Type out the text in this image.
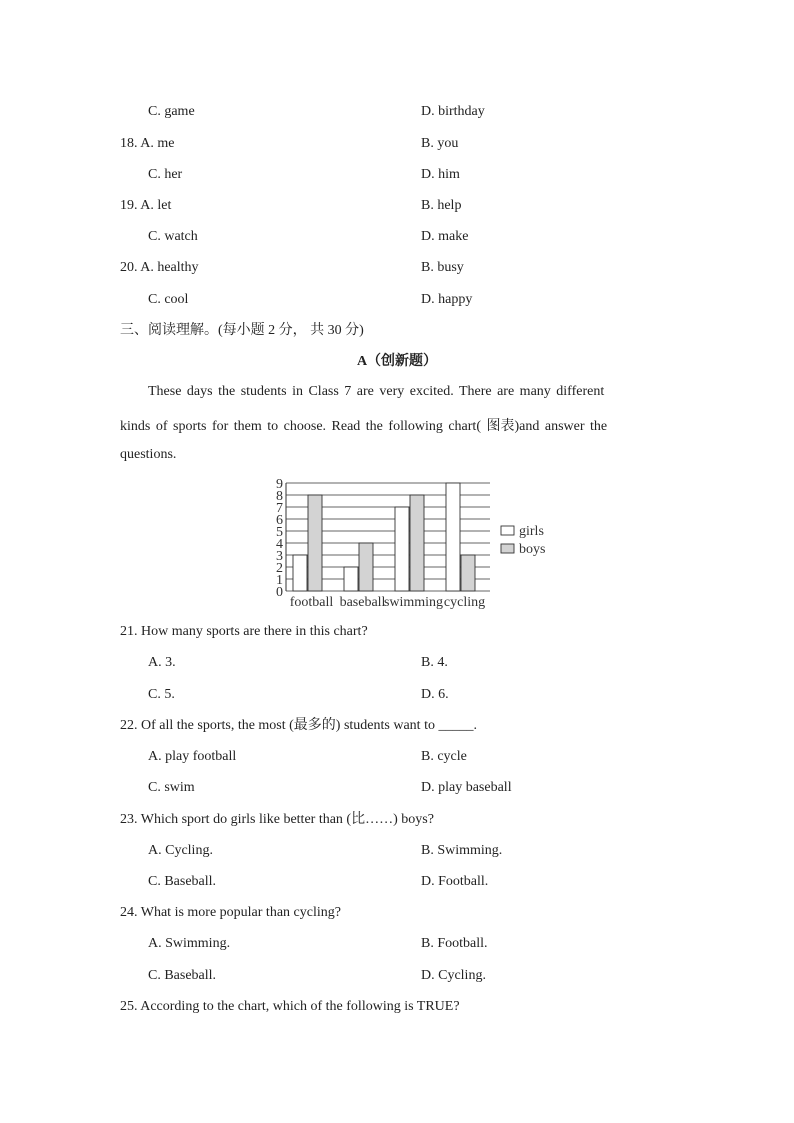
C. game	D. birthday
18. A. me	B. you
C. her	D. him
19. A. let	B. help
C. watch	D. make
20. A. healthy	B. busy
C. cool	D. happy
三、阅读理解。(每小题 2 分， 共 30 分)
A（创新题）
These days the students in Class 7 are very excited. There are many different
kinds of sports for them to choose. Read the following chart( 图表)and answer the
questions.
0
1
2
3
4
5
6
7
8
9
football baseball
swimming cycling
girls
boys
21. How many sports are there in this chart?
A. 3.	B. 4.
C. 5.	D. 6.
22. Of all the sports, the most (最多的) students want to _____.
A. play football	B. cycle
C. swim	D. play baseball
23. Which sport do girls like better than (比……) boys?
A. Cycling.	B. Swimming.
C. Baseball.	D. Football.
24. What is more popular than cycling?
A. Swimming.	B. Football.
C. Baseball.	D. Cycling.
25. According to the chart, which of the following is TRUE?
